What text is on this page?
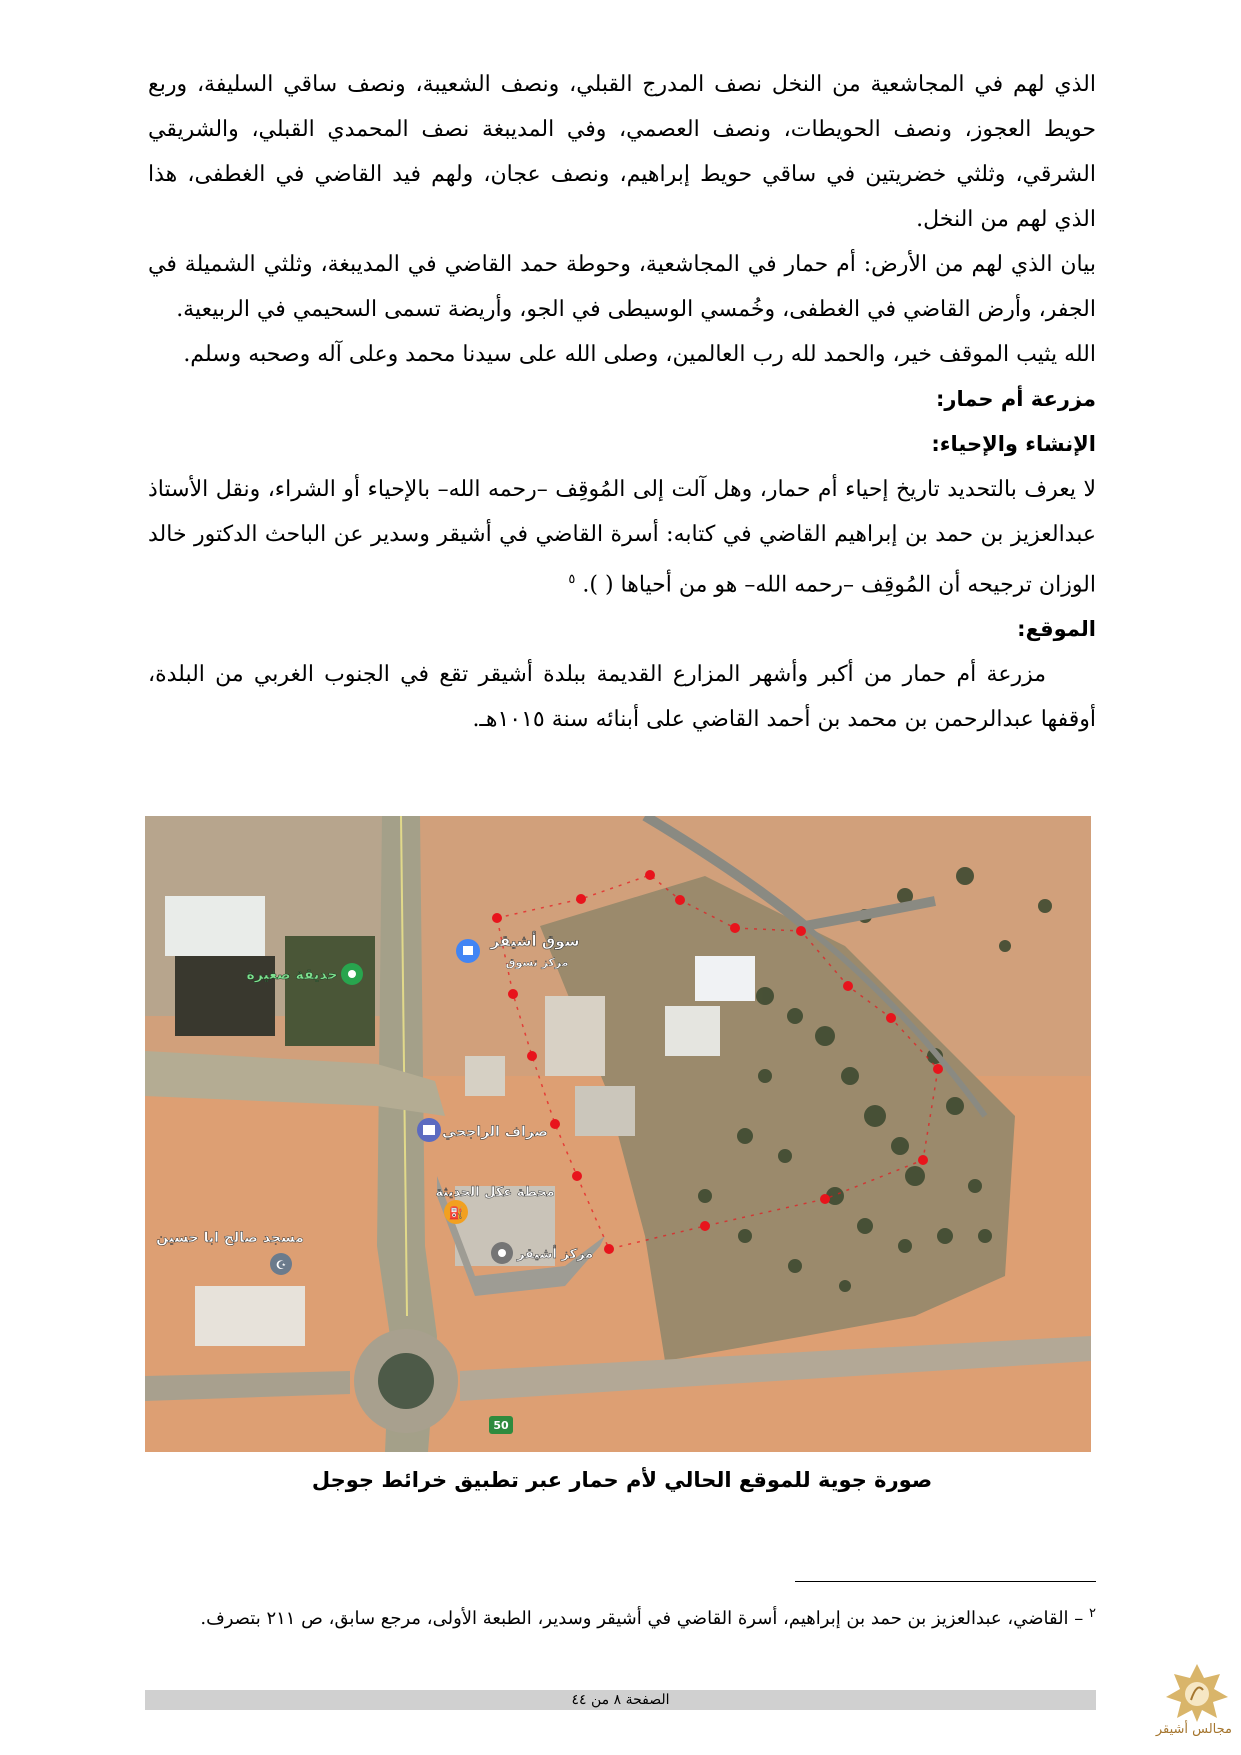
الذي لهم في المجاشعية من النخل نصف المدرج القبلي، ونصف الشعيبة، ونصف ساقي السليفة، وربع حويط العجوز، ونصف الحويطات، ونصف العصمي، وفي المديبغة نصف المحمدي القبلي، والشريقي الشرقي، وثلثي خضريتين في ساقي حويط إبراهيم، ونصف عجان، ولهم فيد القاضي في الغطفى، هذا الذي لهم من النخل.

بيان الذي لهم من الأرض: أم حمار في المجاشعية، وحوطة حمد القاضي في المديبغة، وثلثي الشميلة في الجفر، وأرض القاضي في الغطفى، وخُمسي الوسيطى في الجو، وأريضة تسمى السحيمي في الربيعية.

الله يثيب الموقف خير، والحمد لله رب العالمين، وصلى الله على سيدنا محمد وعلى آله وصحبه وسلم.

مزرعة أم حمار:

الإنشاء والإحياء:

لا يعرف بالتحديد تاريخ إحياء أم حمار، وهل آلت إلى المُوقِف –رحمه الله– بالإحياء أو الشراء، ونقل الأستاذ عبدالعزيز بن حمد بن إبراهيم القاضي في كتابه: أسرة القاضي في أشيقر وسدير عن الباحث الدكتور خالد الوزان ترجيحه أن المُوقِف –رحمه الله– هو من أحياها ( ). $^٥$

الموقع:

مزرعة أم حمار من أكبر وأشهر المزارع القديمة ببلدة أشيقر تقع في الجنوب الغربي من البلدة، أوقفها عبدالرحمن بن محمد بن أحمد القاضي على أبنائه سنة ١٠١٥هـ.

⛽
☪
سوق أشيقر
مركز تسوق
حديقة صغيرة
صراف الراجحي
محطة عكل الحديثة
مركز أشيقر
مسجد صالح ابا حسين
50
صورة جوية للموقع الحالي لأم حمار عبر تطبيق خرائط جوجل
$^٢$ – القاضي، عبدالعزيز بن حمد بن إبراهيم، أسرة القاضي في أشيقر وسدير، الطبعة الأولى، مرجع سابق، ص ٢١١ بتصرف.
الصفحة ٨ من ٤٤
مجالس أشيقر
